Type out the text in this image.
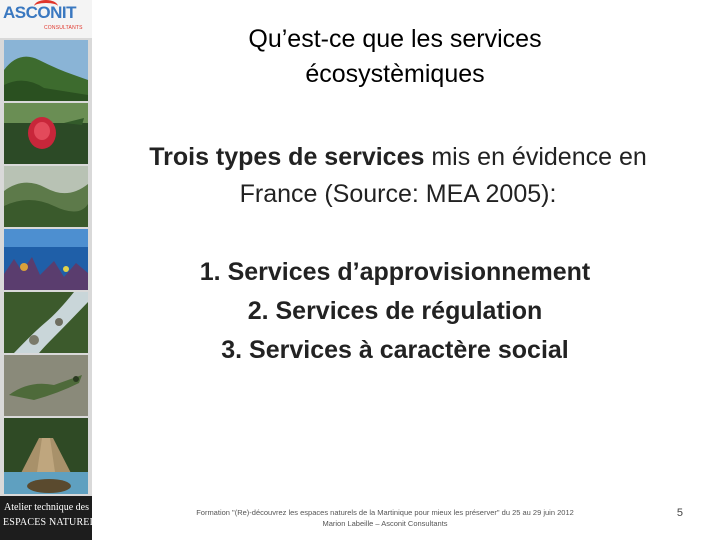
ASCONIT
CONSULTANTS
Atelier technique des
ESPACES NATURELS
Qu’est-ce que les services
écosystèmiques
Trois types de services mis en évidence en
France (Source: MEA 2005):
1. Services d’approvisionnement
2. Services de régulation
3. Services à caractère social
Formation "(Re)-découvrez les espaces naturels de la Martinique pour mieux les préserver" du 25 au 29 juin 2012
Marion Labeille – Asconit Consultants
5
